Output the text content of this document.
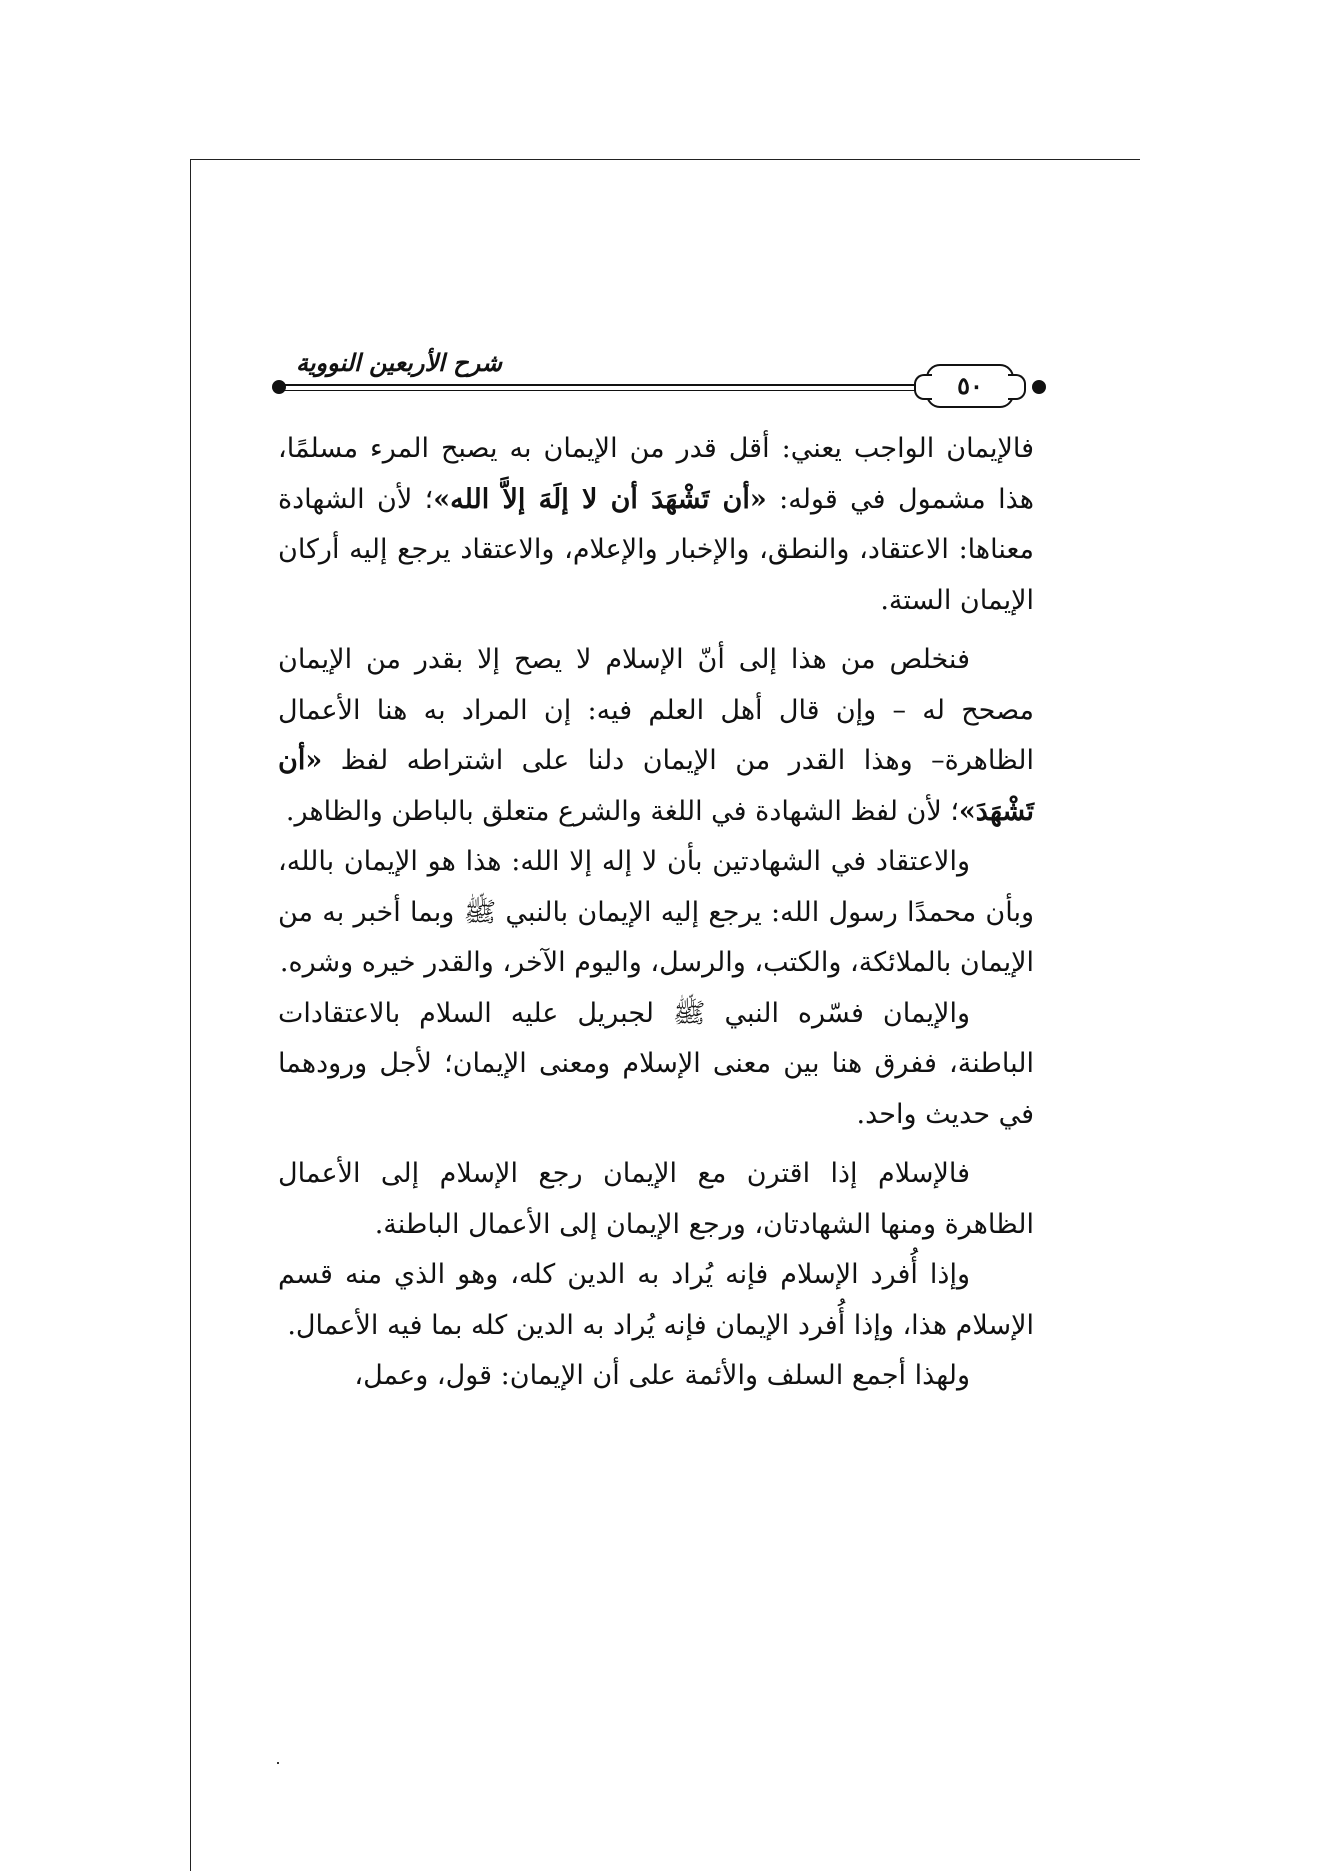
شرح الأربعين النووية
٥٠

فالإيمان الواجب يعني: أقل قدر من الإيمان به يصبح المرء مسلمًا، هذا مشمول في قوله: «أن تَشْهَدَ أن لا إلَهَ إلاَّ الله»؛ لأن الشهادة معناها: الاعتقاد، والنطق، والإخبار والإعلام، والاعتقاد يرجع إليه أركان الإيمان الستة.

فنخلص من هذا إلى أنّ الإسلام لا يصح إلا بقدر من الإيمان مصحح له – وإن قال أهل العلم فيه: إن المراد به هنا الأعمال الظاهرة– وهذا القدر من الإيمان دلنا على اشتراطه لفظ «أن تَشْهَدَ»؛ لأن لفظ الشهادة في اللغة والشرع متعلق بالباطن والظاهر.

والاعتقاد في الشهادتين بأن لا إله إلا الله: هذا هو الإيمان بالله، وبأن محمدًا رسول الله: يرجع إليه الإيمان بالنبي ﷺ وبما أخبر به من الإيمان بالملائكة، والكتب، والرسل، واليوم الآخر، والقدر خيره وشره.

والإيمان فسّره النبي ﷺ لجبريل عليه السلام بالاعتقادات الباطنة، ففرق هنا بين معنى الإسلام ومعنى الإيمان؛ لأجل ورودهما في حديث واحد.

فالإسلام إذا اقترن مع الإيمان رجع الإسلام إلى الأعمال الظاهرة ومنها الشهادتان، ورجع الإيمان إلى الأعمال الباطنة.

وإذا أُفرد الإسلام فإنه يُراد به الدين كله، وهو الذي منه قسم الإسلام هذا، وإذا أُفرد الإيمان فإنه يُراد به الدين كله بما فيه الأعمال.

ولهذا أجمع السلف والأئمة على أن الإيمان: قول، وعمل،
